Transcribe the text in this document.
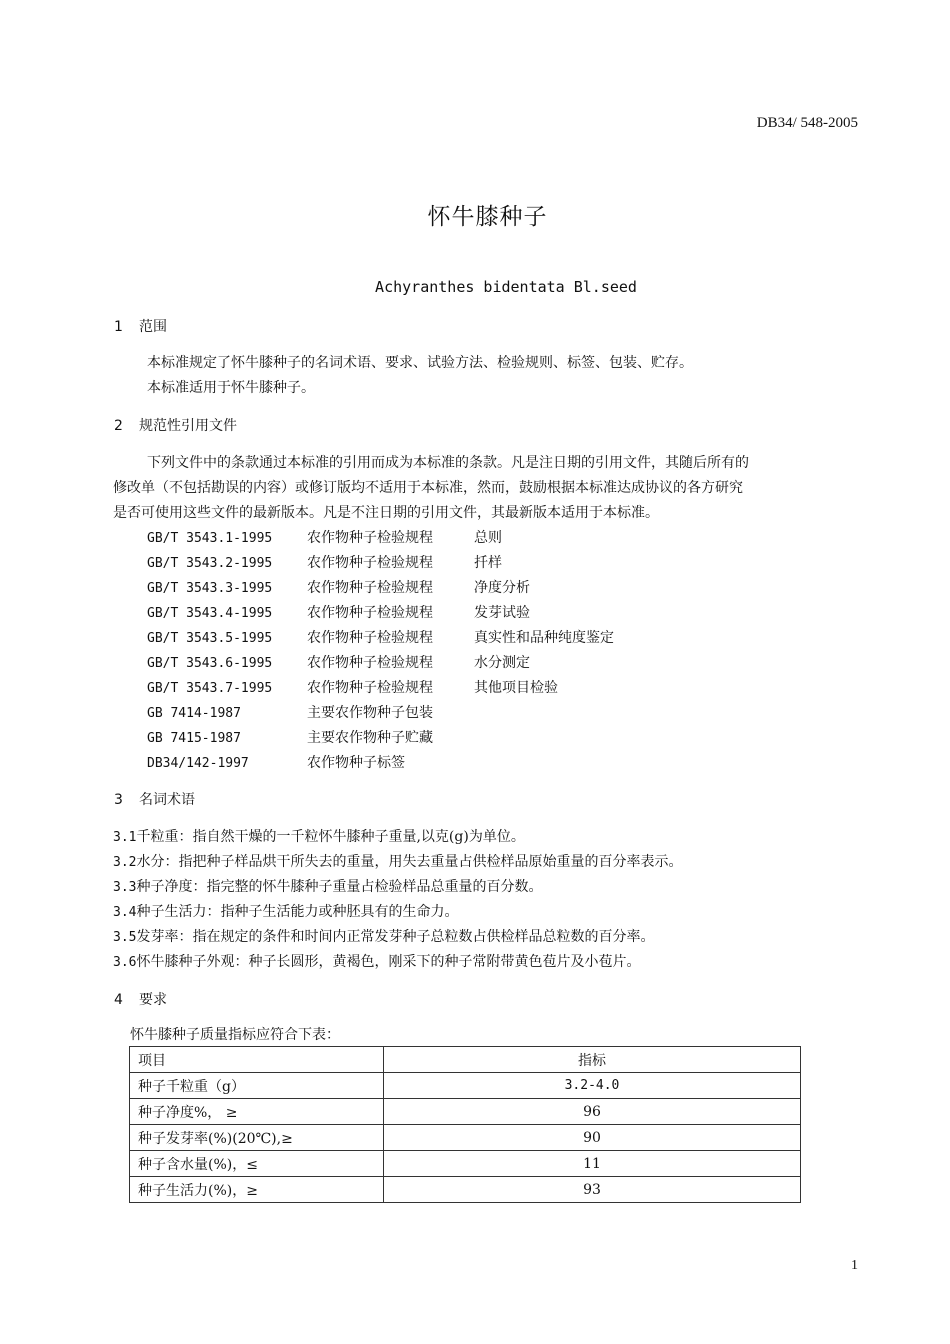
DB34/ 548-2005
怀牛膝种子
Achyranthes bidentata Bl.seed
1 范围
本标准规定了怀牛膝种子的名词术语、要求、试验方法、检验规则、标签、包装、贮存。
本标准适用于怀牛膝种子。
2 规范性引用文件
下列文件中的条款通过本标准的引用而成为本标准的条款。凡是注日期的引用文件，其随后所有的
修改单（不包括勘误的内容）或修订版均不适用于本标准，然而，鼓励根据本标准达成协议的各方研究
是否可使用这些文件的最新版本。凡是不注日期的引用文件，其最新版本适用于本标准。
GB/T 3543.1-1995 农作物种子检验规程	总则
GB/T 3543.2-1995 农作物种子检验规程	扦样
GB/T 3543.3-1995 农作物种子检验规程	净度分析
GB/T 3543.4-1995 农作物种子检验规程	发芽试验
GB/T 3543.5-1995 农作物种子检验规程	真实性和品种纯度鉴定
GB/T 3543.6-1995 农作物种子检验规程	水分测定
GB/T 3543.7-1995 农作物种子检验规程	其他项目检验
GB 7414-1987	主要农作物种子包装
GB 7415-1987	主要农作物种子贮藏
DB34/142-1997	农作物种子标签
3 名词术语
3.1千粒重：指自然干燥的一千粒怀牛膝种子重量,以克(g)为单位。
3.2水分：指把种子样品烘干所失去的重量，用失去重量占供检样品原始重量的百分率表示。
3.3种子净度：指完整的怀牛膝种子重量占检验样品总重量的百分数。
3.4种子生活力：指种子生活能力或种胚具有的生命力。
3.5发芽率：指在规定的条件和时间内正常发芽种子总粒数占供检样品总粒数的百分率。
3.6怀牛膝种子外观：种子长圆形，黄褐色，刚采下的种子常附带黄色苞片及小苞片。
4 要求
怀牛膝种子质量指标应符合下表：
项目	指标
种子千粒重（g）	3.2-4.0
种子净度%， ≥	96
种子发芽率(%)(20℃),≥	90
种子含水量(%)，≤	11
种子生活力(%)，≥	93
1
